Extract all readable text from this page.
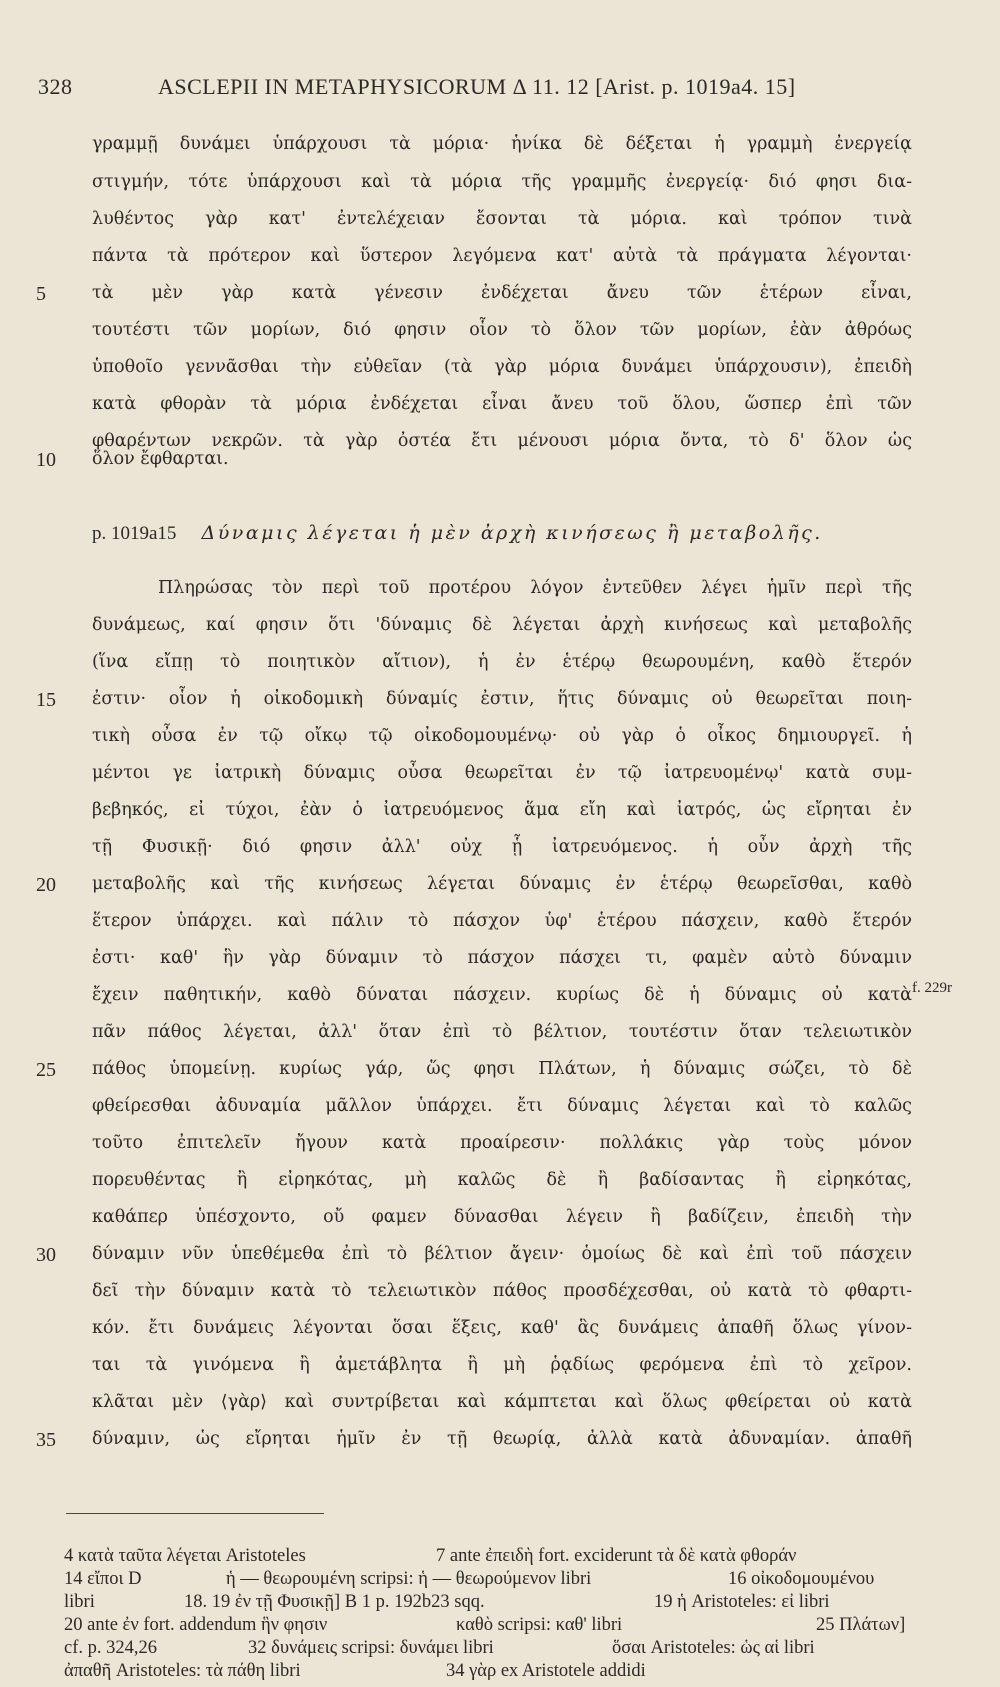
328	ASCLEPII IN METAPHYSICORUM Δ 11. 12 [Arist. p. 1019a4. 15]
γραμμῇ δυνάμει ὑπάρχουσι τὰ μόρια· ἡνίκα δὲ δέξεται ἡ γραμμὴ ἐνεργείᾳ
στιγμήν, τότε ὑπάρχουσι καὶ τὰ μόρια τῆς γραμμῆς ἐνεργείᾳ· διό φησι δια-
λυθέντος γὰρ κατ' ἐντελέχειαν ἔσονται τὰ μόρια. καὶ τρόπον τινὰ
πάντα τὰ πρότερον καὶ ὕστερον λεγόμενα κατ' αὐτὰ τὰ πράγματα λέγονται·
τὰ μὲν γὰρ κατὰ γένεσιν ἐνδέχεται ἄνευ τῶν ἑτέρων εἶναι,
τουτέστι τῶν μορίων, διό φησιν οἷον τὸ ὅλον τῶν μορίων, ἐὰν ἀθρόως
ὑποθοῖο γεννᾶσθαι τὴν εὐθεῖαν (τὰ γὰρ μόρια δυνάμει ὑπάρχουσιν), ἐπειδὴ
κατὰ φθορὰν τὰ μόρια ἐνδέχεται εἶναι ἄνευ τοῦ ὅλου, ὥσπερ ἐπὶ τῶν
φθαρέντων νεκρῶν. τὰ γὰρ ὀστέα ἔτι μένουσι μόρια ὄντα, τὸ δ' ὅλον ὡς
ὅλον ἔφθαρται.
p. 1019a15 Δύναμις λέγεται ἡ μὲν ἀρχὴ κινήσεως ἢ μεταβολῆς.
Πληρώσας τὸν περὶ τοῦ προτέρου λόγον ἐντεῦθεν λέγει ἡμῖν περὶ τῆς
δυνάμεως, καί φησιν ὅτι 'δύναμις δὲ λέγεται ἀρχὴ κινήσεως καὶ μεταβολῆς
(ἵνα εἴπῃ τὸ ποιητικὸν αἴτιον), ἡ ἐν ἑτέρῳ θεωρουμένη, καθὸ ἕτερόν
ἐστιν· οἷον ἡ οἰκοδομικὴ δύναμίς ἐστιν, ἥτις δύναμις οὐ θεωρεῖται ποιη-
τικὴ οὖσα ἐν τῷ οἴκῳ τῷ οἰκοδομουμένῳ· οὐ γὰρ ὁ οἶκος δημιουργεῖ. ἡ
μέντοι γε ἰατρικὴ δύναμις οὖσα θεωρεῖται ἐν τῷ ἰατρευομένῳ' κατὰ συμ-
βεβηκός, εἰ τύχοι, ἐὰν ὁ ἰατρευόμενος ἅμα εἴη καὶ ἰατρός, ὡς εἴρηται ἐν
τῇ Φυσικῇ· διό φησιν ἀλλ' οὐχ ᾗ ἰατρευόμενος. ἡ οὖν ἀρχὴ τῆς
μεταβολῆς καὶ τῆς κινήσεως λέγεται δύναμις ἐν ἑτέρῳ θεωρεῖσθαι, καθὸ
ἕτερον ὑπάρχει. καὶ πάλιν τὸ πάσχον ὑφ' ἑτέρου πάσχειν, καθὸ ἕτερόν
ἐστι· καθ' ἣν γὰρ δύναμιν τὸ πάσχον πάσχει τι, φαμὲν αὐτὸ δύναμιν
ἔχειν παθητικήν, καθὸ δύναται πάσχειν. κυρίως δὲ ἡ δύναμις οὐ κατὰ
πᾶν πάθος λέγεται, ἀλλ' ὅταν ἐπὶ τὸ βέλτιον, τουτέστιν ὅταν τελειωτικὸν
πάθος ὑπομείνῃ. κυρίως γάρ, ὥς φησι Πλάτων, ἡ δύναμις σώζει, τὸ δὲ
φθείρεσθαι ἀδυναμία μᾶλλον ὑπάρχει. ἔτι δύναμις λέγεται καὶ τὸ καλῶς
τοῦτο ἐπιτελεῖν ἤγουν κατὰ προαίρεσιν· πολλάκις γὰρ τοὺς μόνον
πορευθέντας ἢ εἰρηκότας, μὴ καλῶς δὲ ἢ βαδίσαντας ἢ εἰρηκότας,
καθάπερ ὑπέσχοντο, οὔ φαμεν δύνασθαι λέγειν ἢ βαδίζειν, ἐπειδὴ τὴν
δύναμιν νῦν ὑπεθέμεθα ἐπὶ τὸ βέλτιον ἄγειν· ὁμοίως δὲ καὶ ἐπὶ τοῦ πάσχειν
δεῖ τὴν δύναμιν κατὰ τὸ τελειωτικὸν πάθος προσδέχεσθαι, οὐ κατὰ τὸ φθαρτι-
κόν. ἔτι δυνάμεις λέγονται ὅσαι ἕξεις, καθ' ἃς δυνάμεις ἀπαθῆ ὅλως γίνον-
ται τὰ γινόμενα ἢ ἀμετάβλητα ἢ μὴ ῥᾳδίως φερόμενα ἐπὶ τὸ χεῖρον.
κλᾶται μὲν ⟨γὰρ⟩ καὶ συντρίβεται καὶ κάμπτεται καὶ ὅλως φθείρεται οὐ κατὰ
δύναμιν, ὡς εἴρηται ἡμῖν ἐν τῇ θεωρίᾳ, ἀλλὰ κατὰ ἀδυναμίαν. ἀπαθῆ
5
10
15
20
25
30
35
f. 229r
4 κατὰ ταῦτα λέγεται Aristoteles	7 ante ἐπειδὴ fort. exciderunt τὰ δὲ κατὰ φθοράν
14 εἴποι D	ἡ — θεωρουμένη scripsi: ἡ — θεωρούμενον libri	16 οἰκοδομουμένου
libri	18. 19 ἐν τῇ Φυσικῇ] B 1 p. 192b23 sqq.	19 ἡ Aristoteles: εἰ libri
20 ante ἐν fort. addendum ἣν φησιν	καθὸ scripsi: καθ' libri	25 Πλάτων]
cf. p. 324,26	32 δυνάμεις scripsi: δυνάμει libri	ὅσαι Aristoteles: ὡς αἱ libri
ἀπαθῆ Aristoteles: τὰ πάθη libri	34 γὰρ ex Aristotele addidi
